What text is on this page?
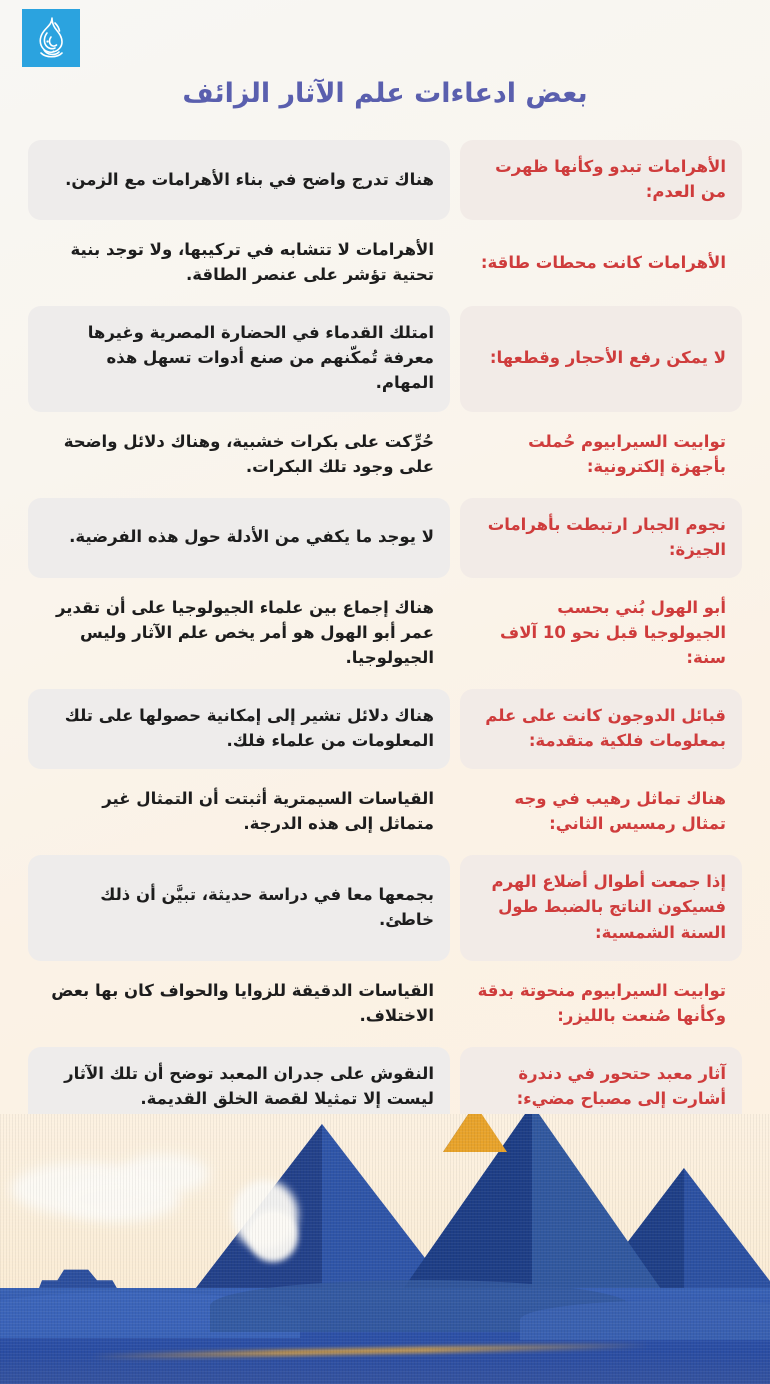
بعض ادعاءات علم الآثار الزائف
الأهرامات تبدو وكأنها ظهرت من العدم:
هناك تدرج واضح في بناء الأهرامات مع الزمن.
الأهرامات كانت محطات طاقة:
الأهرامات لا تتشابه في تركيبها، ولا توجد بنية تحتية تؤشر على عنصر الطاقة.
لا يمكن رفع الأحجار وقطعها:
امتلك القدماء في الحضارة المصرية وغيرها معرفة تُمكّنهم من صنع أدوات تسهل هذه المهام.
توابيت السيرابيوم حُملت بأجهزة إلكترونية:
حُرِّكت على بكرات خشبية، وهناك دلائل واضحة على وجود تلك البكرات.
نجوم الجبار ارتبطت بأهرامات الجيزة:
لا يوجد ما يكفي من الأدلة حول هذه الفرضية.
أبو الهول بُني بحسب الجيولوجيا قبل نحو 10 آلاف سنة:
هناك إجماع بين علماء الجيولوجيا على أن تقدير عمر أبو الهول هو أمر يخص علم الآثار وليس الجيولوجيا.
قبائل الدوجون كانت على علم بمعلومات فلكية متقدمة:
هناك دلائل تشير إلى إمكانية حصولها على تلك المعلومات من علماء فلك.
هناك تماثل رهيب في وجه تمثال رمسيس الثاني:
القياسات السيمترية أثبتت أن التمثال غير متماثل إلى هذه الدرجة.
إذا جمعت أطوال أضلاع الهرم فسيكون الناتج بالضبط طول السنة الشمسية:
بجمعها معا في دراسة حديثة، تبيَّن أن ذلك خاطئ.
توابيت السيرابيوم منحوتة بدقة وكأنها صُنعت بالليزر:
القياسات الدقيقة للزوايا والحواف كان بها بعض الاختلاف.
آثار معبد حتحور في دندرة أشارت إلى مصباح مضيء:
النقوش على جدران المعبد توضح أن تلك الآثار ليست إلا تمثيلا لقصة الخلق القديمة.
